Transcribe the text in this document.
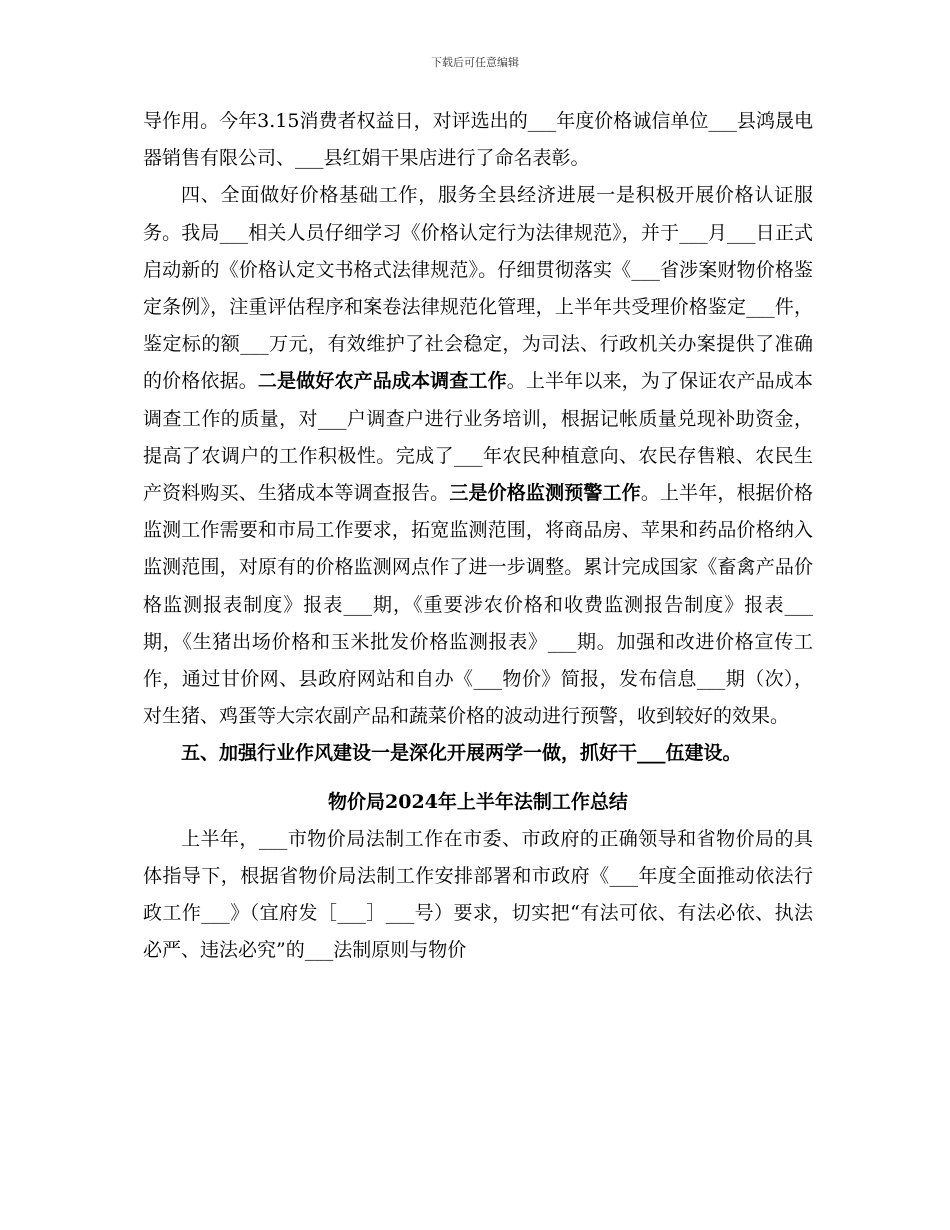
下载后可任意编辑

导作用。今年3.15消费者权益日，对评选出的___年度价格诚信单位___县鸿晟电器销售有限公司、___县红娟干果店进行了命名表彰。

四、全面做好价格基础工作，服务全县经济进展一是积极开展价格认证服务。我局___相关人员仔细学习《价格认定行为法律规范》，并于___月___日正式启动新的《价格认定文书格式法律规范》。仔细贯彻落实《___省涉案财物价格鉴定条例》，注重评估程序和案卷法律规范化管理，上半年共受理价格鉴定___件，鉴定标的额___万元，有效维护了社会稳定，为司法、行政机关办案提供了准确的价格依据。二是做好农产品成本调查工作。上半年以来，为了保证农产品成本调查工作的质量，对___户调查户进行业务培训，根据记帐质量兑现补助资金，提高了农调户的工作积极性。完成了___年农民种植意向、农民存售粮、农民生产资料购买、生猪成本等调查报告。三是价格监测预警工作。上半年，根据价格监测工作需要和市局工作要求，拓宽监测范围，将商品房、苹果和药品价格纳入监测范围，对原有的价格监测网点作了进一步调整。累计完成国家《畜禽产品价格监测报表制度》报表___期，《重要涉农价格和收费监测报告制度》报表___期，《生猪出场价格和玉米批发价格监测报表》___期。加强和改进价格宣传工作，通过甘价网、县政府网站和自办《___物价》简报，发布信息___期（次），对生猪、鸡蛋等大宗农副产品和蔬菜价格的波动进行预警，收到较好的效果。

五、加强行业作风建设一是深化开展两学一做，抓好干___伍建设。

物价局2024年上半年法制工作总结

上半年，___市物价局法制工作在市委、市政府的正确领导和省物价局的具体指导下，根据省物价局法制工作安排部署和市政府《___年度全面推动依法行政工作___》（宜府发［___］___号）要求，切实把“有法可依、有法必依、执法必严、违法必究”的___法制原则与物价
